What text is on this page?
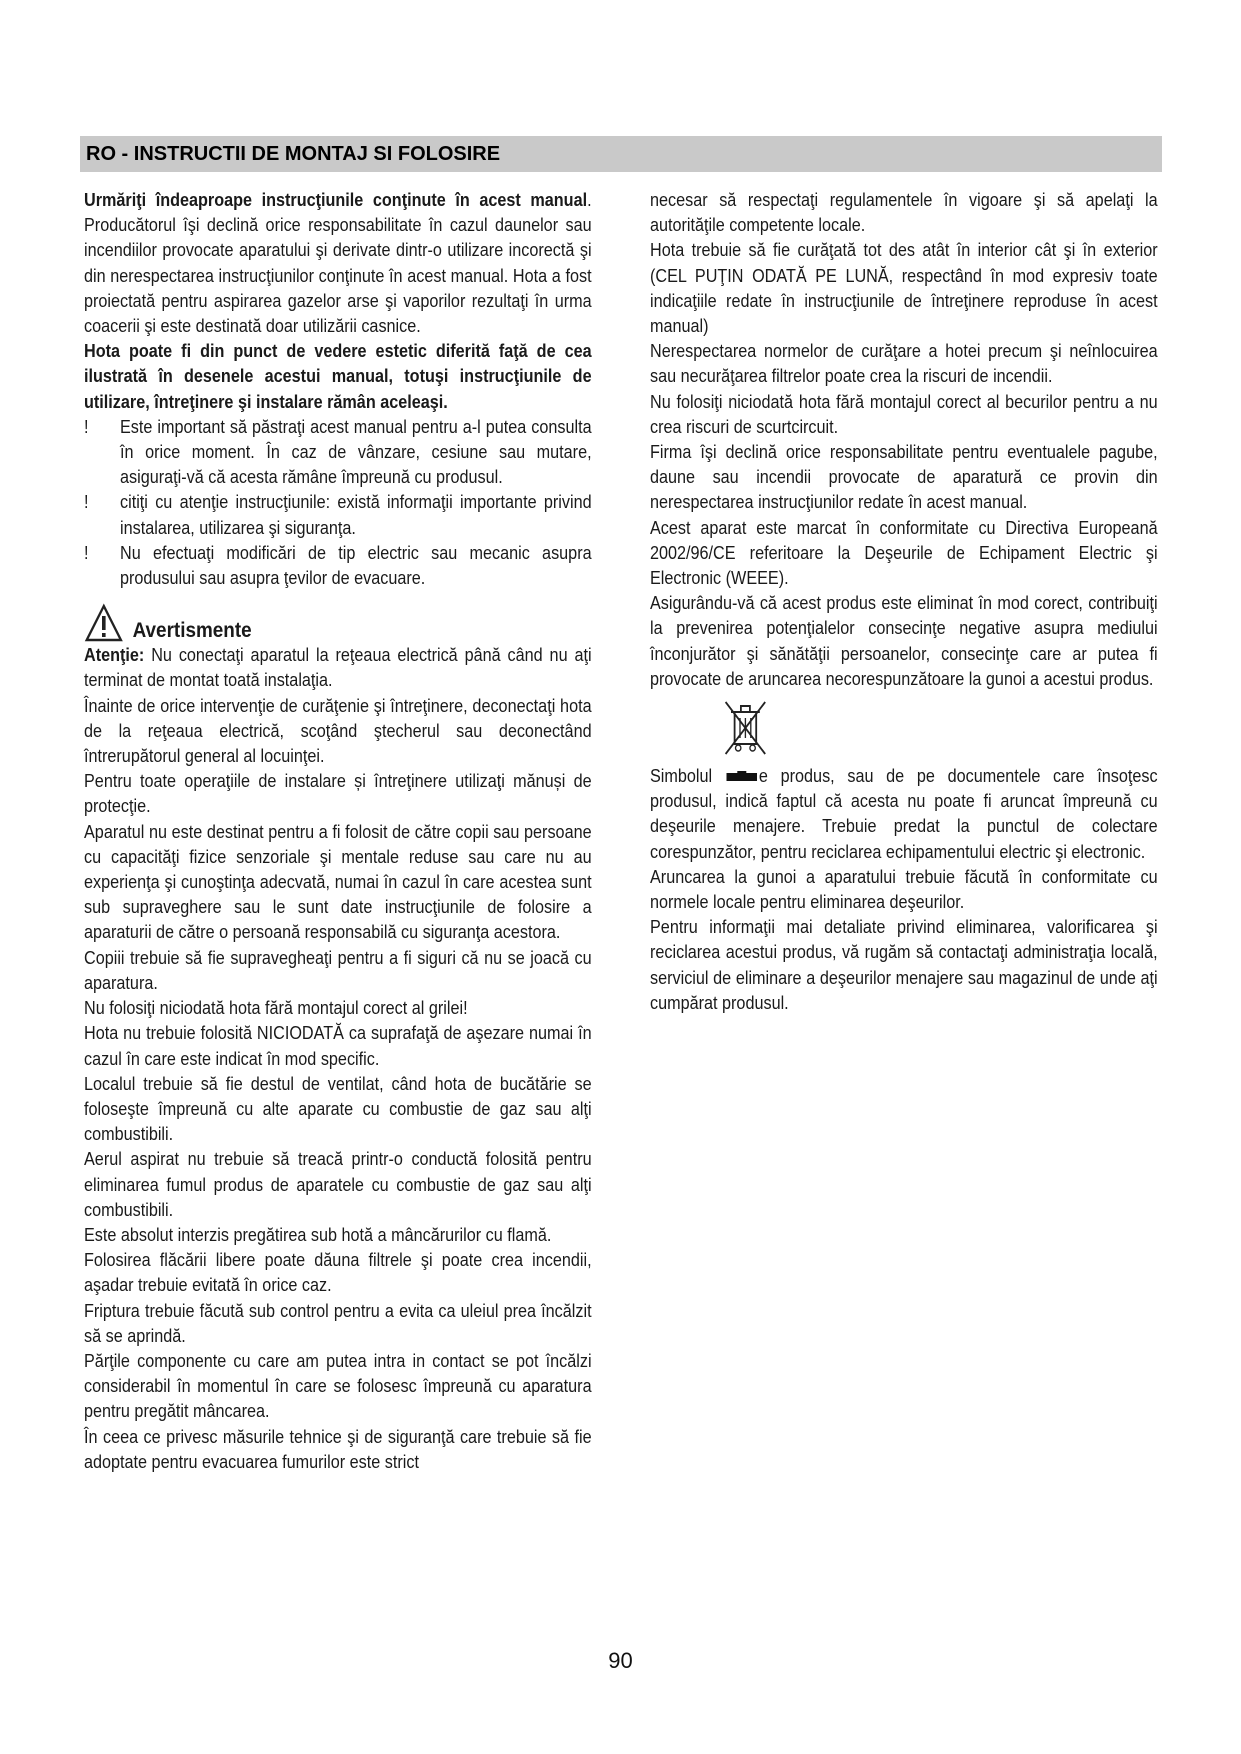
RO - INSTRUCTII DE MONTAJ SI FOLOSIRE

Urmăriţi îndeaproape instrucţiunile conţinute în acest manual. Producătorul îşi declină orice responsabilitate în cazul daunelor sau incendiilor provocate aparatului şi derivate dintr-o utilizare incorectă şi din nerespectarea instrucţiunilor conţinute în acest manual. Hota a fost proiectată pentru aspirarea gazelor arse şi vaporilor rezultaţi în urma coacerii şi este destinată doar utilizării casnice.

Hota poate fi din punct de vedere estetic diferită faţă de cea ilustrată în desenele acestui manual, totuşi instrucţiunile de utilizare, întreţinere şi instalare rămân aceleaşi.

!	Este important să păstraţi acest manual pentru a-l putea consulta în orice moment. În caz de vânzare, cesiune sau mutare, asiguraţi-vă că acesta rămâne împreună cu produsul.
!	citiţi cu atenţie instrucţiunile: există informaţii importante privind instalarea, utilizarea şi siguranţa.
!	Nu efectuaţi modificări de tip electric sau mecanic asupra produsului sau asupra ţevilor de evacuare.
Avertismente

Atenţie: Nu conectaţi aparatul la reţeaua electrică până când nu aţi terminat de montat toată instalaţia.

Înainte de orice intervenţie de curăţenie şi întreţinere, deconectaţi hota de la reţeaua electrică, scoţând ştecherul sau deconectând întrerupătorul general al locuinţei.

Pentru toate operaţiile de instalare și întreţinere utilizaţi mănuși de protecţie.

Aparatul nu este destinat pentru a fi folosit de către copii sau persoane cu capacităţi fizice senzoriale şi mentale reduse sau care nu au experienţa şi cunoştinţa adecvată, numai în cazul în care acestea sunt sub supraveghere sau le sunt date instrucţiunile de folosire a aparaturii de către o persoană responsabilă cu siguranţa acestora.

Copiii trebuie să fie supravegheaţi pentru a fi siguri că nu se joacă cu aparatura.

Nu folosiţi niciodată hota fără montajul corect al grilei!

Hota nu trebuie folosită NICIODATĂ ca suprafaţă de aşezare numai în cazul în care este indicat în mod specific.

Localul trebuie să fie destul de ventilat, când hota de bucătărie se foloseşte împreună cu alte aparate cu combustie de gaz sau alţi combustibili.

Aerul aspirat nu trebuie să treacă printr-o conductă folosită pentru eliminarea fumul produs de aparatele cu combustie de gaz sau alţi combustibili.

Este absolut interzis pregătirea sub hotă a mâncărurilor cu flamă.

Folosirea flăcării libere poate dăuna filtrele şi poate crea incendii, aşadar trebuie evitată în orice caz.

Friptura trebuie făcută sub control pentru a evita ca uleiul prea încălzit să se aprindă.

Părţile componente cu care am putea intra in contact se pot încălzi considerabil în momentul în care se folosesc împreună cu aparatura pentru pregătit mâncarea.

În ceea ce privesc măsurile tehnice şi de siguranţă care trebuie să fie adoptate pentru evacuarea fumurilor este strict

necesar să respectaţi regulamentele în vigoare şi să apelaţi la autorităţile competente locale.

Hota trebuie să fie curăţată tot des atât în interior cât şi în exterior (CEL PUŢIN ODATĂ PE LUNĂ, respectând în mod expresiv toate indicaţiile redate în instrucţiunile de întreţinere reproduse în acest manual)

Nerespectarea normelor de curăţare a hotei precum şi neînlocuirea sau necurăţarea filtrelor poate crea la riscuri de incendii.

Nu folosiţi niciodată hota fără montajul corect al becurilor pentru a nu crea riscuri de scurtcircuit.

Firma îşi declină orice responsabilitate pentru eventualele pagube, daune sau incendii provocate de aparatură ce provin din nerespectarea instrucţiunilor redate în acest manual.

Acest aparat este marcat în conformitate cu Directiva Europeană 2002/96/CE referitoare la Deşeurile de Echipament Electric şi Electronic (WEEE).

Asigurându-vă că acest produs este eliminat în mod corect, contribuiţi la prevenirea potenţialelor consecinţe negative asupra mediului înconjurător şi sănătăţii persoanelor, consecinţe care ar putea fi provocate de aruncarea necorespunzătoare la gunoi a acestui produs.

Simbolul	e produs, sau de pe documentele care însoţesc produsul, indică faptul că acesta nu poate fi aruncat împreună cu deşeurile menajere. Trebuie predat la punctul de colectare corespunzător, pentru reciclarea echipamentului electric şi electronic.

Aruncarea la gunoi a aparatului trebuie făcută în conformitate cu normele locale pentru eliminarea deşeurilor.

Pentru informaţii mai detaliate privind eliminarea, valorificarea şi reciclarea acestui produs, vă rugăm să contactaţi administraţia locală, serviciul de eliminare a deşeurilor menajere sau magazinul de unde aţi cumpărat produsul.

90
